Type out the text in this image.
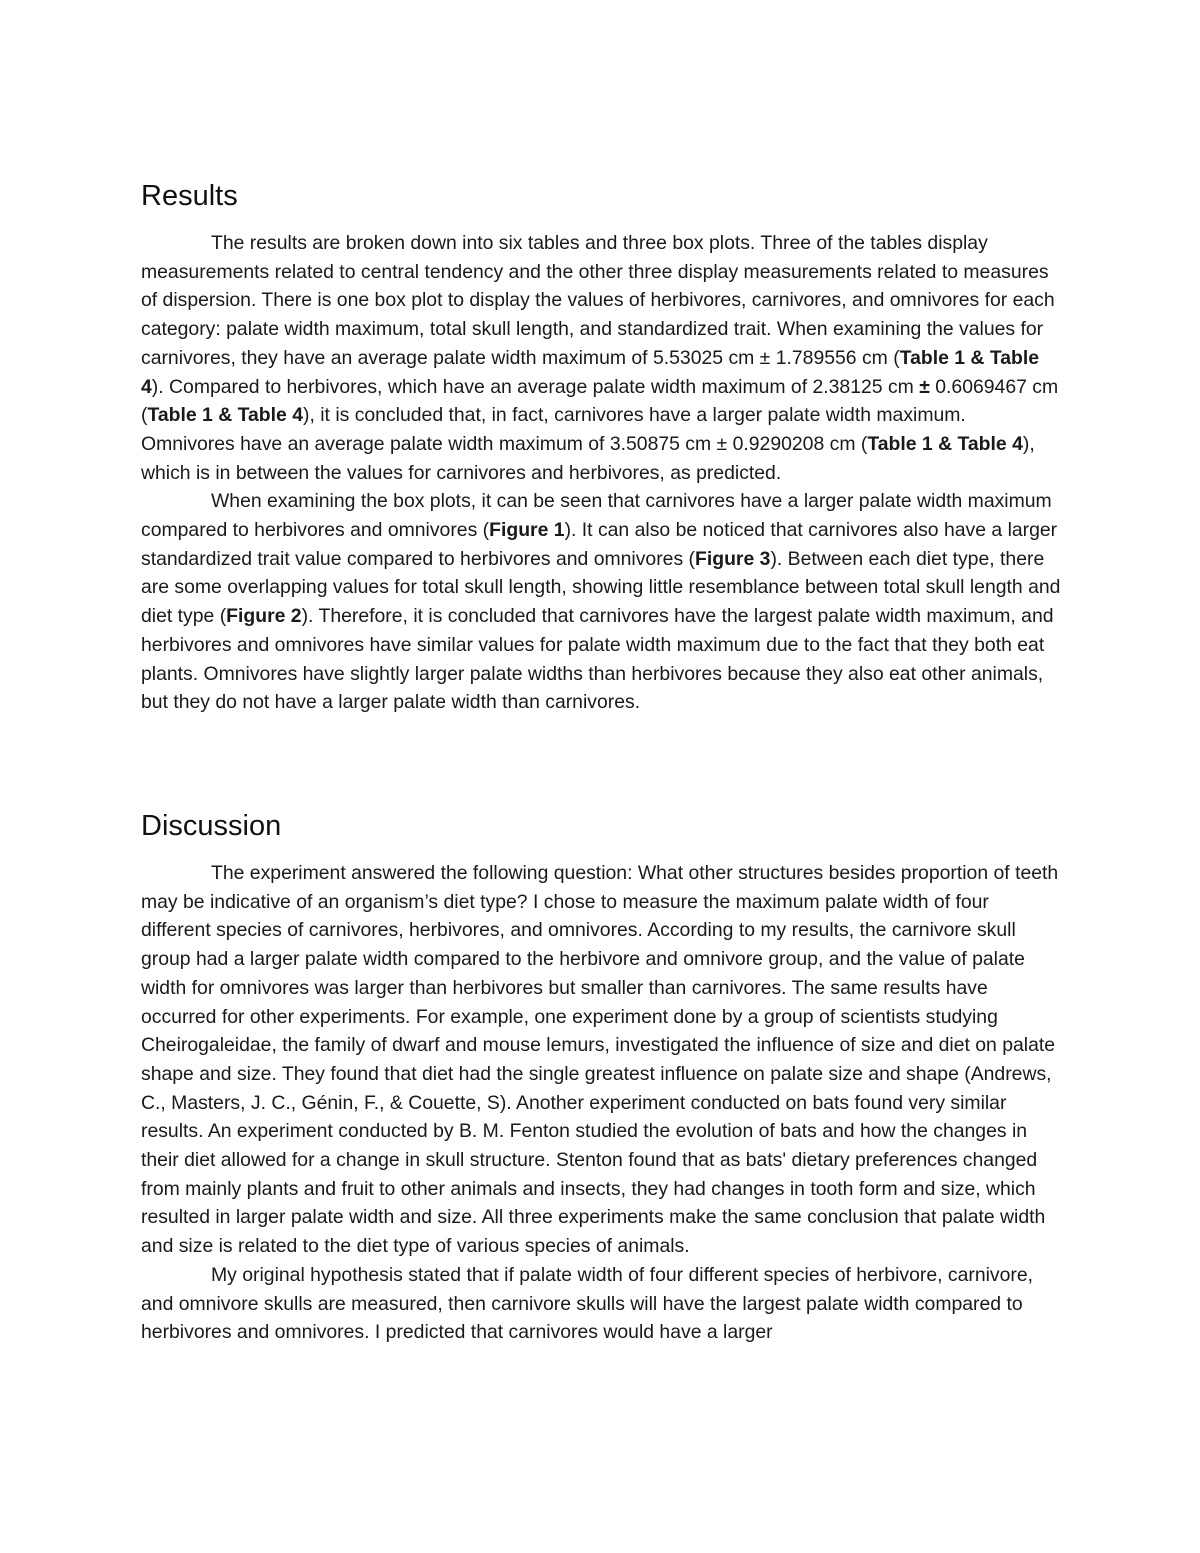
Results

The results are broken down into six tables and three box plots. Three of the tables display measurements related to central tendency and the other three display measurements related to measures of dispersion. There is one box plot to display the values of herbivores, carnivores, and omnivores for each category: palate width maximum, total skull length, and standardized trait. When examining the values for carnivores, they have an average palate width maximum of 5.53025 cm ± 1.789556 cm (Table 1 & Table 4). Compared to herbivores, which have an average palate width maximum of 2.38125 cm ± 0.6069467 cm (Table 1 & Table 4), it is concluded that, in fact, carnivores have a larger palate width maximum. Omnivores have an average palate width maximum of 3.50875 cm ± 0.9290208 cm (Table 1 & Table 4), which is in between the values for carnivores and herbivores, as predicted.

When examining the box plots, it can be seen that carnivores have a larger palate width maximum compared to herbivores and omnivores (Figure 1). It can also be noticed that carnivores also have a larger standardized trait value compared to herbivores and omnivores (Figure 3). Between each diet type, there are some overlapping values for total skull length, showing little resemblance between total skull length and diet type (Figure 2). Therefore, it is concluded that carnivores have the largest palate width maximum, and herbivores and omnivores have similar values for palate width maximum due to the fact that they both eat plants. Omnivores have slightly larger palate widths than herbivores because they also eat other animals, but they do not have a larger palate width than carnivores.

Discussion

The experiment answered the following question: What other structures besides proportion of teeth may be indicative of an organism’s diet type? I chose to measure the maximum palate width of four different species of carnivores, herbivores, and omnivores. According to my results, the carnivore skull group had a larger palate width compared to the herbivore and omnivore group, and the value of palate width for omnivores was larger than herbivores but smaller than carnivores. The same results have occurred for other experiments. For example, one experiment done by a group of scientists studying Cheirogaleidae, the family of dwarf and mouse lemurs, investigated the influence of size and diet on palate shape and size. They found that diet had the single greatest influence on palate size and shape (Andrews, C., Masters, J. C., Génin, F., & Couette, S). Another experiment conducted on bats found very similar results. An experiment conducted by B. M. Fenton studied the evolution of bats and how the changes in their diet allowed for a change in skull structure. Stenton found that as bats' dietary preferences changed from mainly plants and fruit to other animals and insects, they had changes in tooth form and size, which resulted in larger palate width and size. All three experiments make the same conclusion that palate width and size is related to the diet type of various species of animals.

My original hypothesis stated that if palate width of four different species of herbivore, carnivore, and omnivore skulls are measured, then carnivore skulls will have the largest palate width compared to herbivores and omnivores. I predicted that carnivores would have a larger
